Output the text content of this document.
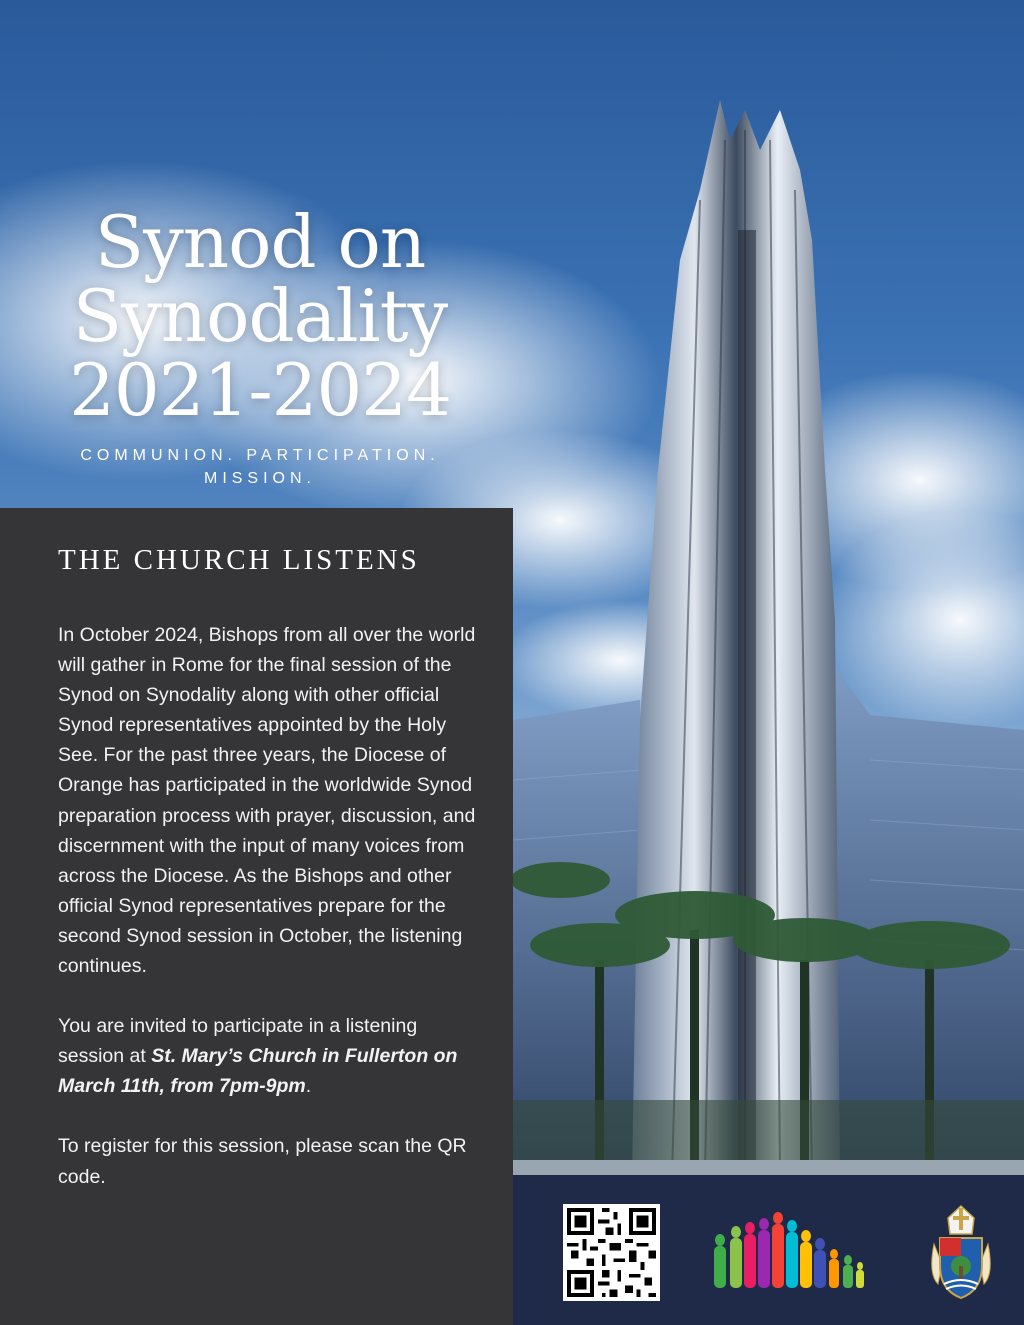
Synod on
Synodality
2021-2024
COMMUNION. PARTICIPATION.
MISSION.
THE CHURCH LISTENS

In October 2024, Bishops from all over the world will gather in Rome for the final session of the Synod on Synodality along with other official Synod representatives appointed by the Holy See. For the past three years, the Diocese of Orange has participated in the worldwide Synod preparation process with prayer, discussion, and discernment with the input of many voices from across the Diocese. As the Bishops and other official Synod representatives prepare for the second Synod session in October, the listening continues.

You are invited to participate in a listening session at St. Mary’s Church in Fullerton on March 11th, from 7pm-9pm.

To register for this session, please scan the QR code.
